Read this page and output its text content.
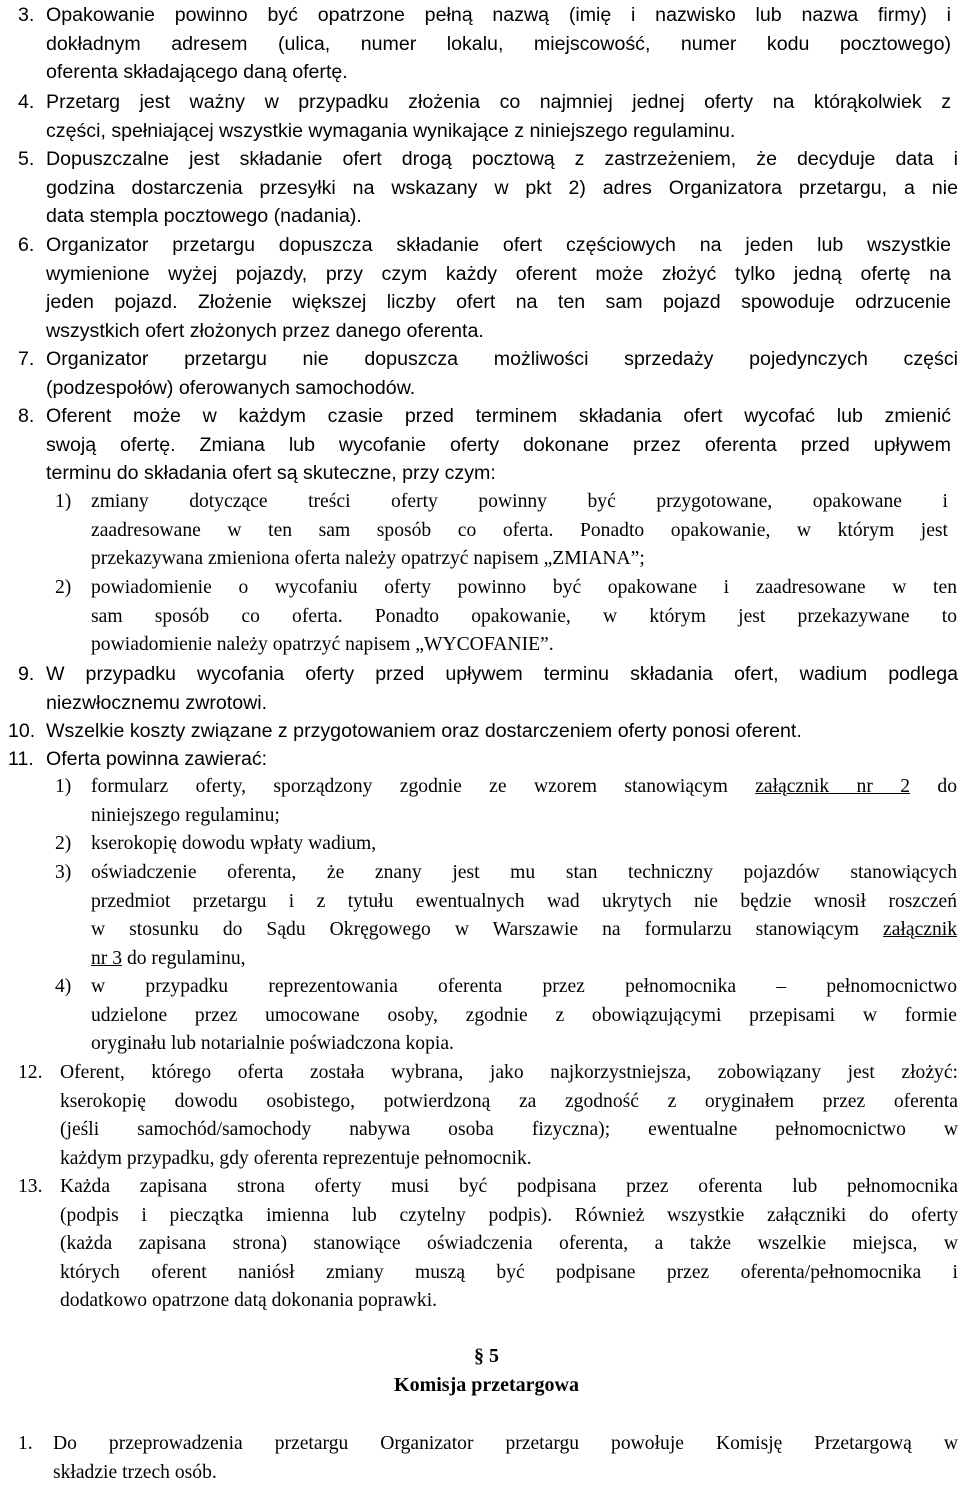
3. Opakowanie powinno być opatrzone pełną nazwą (imię i nazwisko lub nazwa firmy) i
dokładnym adresem (ulica, numer lokalu, miejscowość, numer kodu pocztowego)
oferenta składającego daną ofertę.
4. Przetarg jest ważny w przypadku złożenia co najmniej jednej oferty na którąkolwiek z
części, spełniającej wszystkie wymagania wynikające z niniejszego regulaminu.
5. Dopuszczalne jest składanie ofert drogą pocztową z zastrzeżeniem, że decyduje data i
godzina dostarczenia przesyłki na wskazany w pkt 2) adres Organizatora przetargu, a nie
data stempla pocztowego (nadania).
6. Organizator przetargu dopuszcza składanie ofert częściowych na jeden lub wszystkie
wymienione wyżej pojazdy, przy czym każdy oferent może złożyć tylko jedną ofertę na
jeden pojazd. Złożenie większej liczby ofert na ten sam pojazd spowoduje odrzucenie
wszystkich ofert złożonych przez danego oferenta.
7. Organizator przetargu nie dopuszcza możliwości sprzedaży pojedynczych części
(podzespołów) oferowanych samochodów.
8. Oferent może w każdym czasie przed terminem składania ofert wycofać lub zmienić
swoją ofertę. Zmiana lub wycofanie oferty dokonane przez oferenta przed upływem
terminu do składania ofert są skuteczne, przy czym:
1) zmiany dotyczące treści oferty powinny być przygotowane, opakowane i
zaadresowane w ten sam sposób co oferta. Ponadto opakowanie, w którym jest
przekazywana zmieniona oferta należy opatrzyć napisem „ZMIANA”;
2) powiadomienie o wycofaniu oferty powinno być opakowane i zaadresowane w ten
sam sposób co oferta. Ponadto opakowanie, w którym jest przekazywane to
powiadomienie należy opatrzyć napisem „WYCOFANIE”.
9. W przypadku wycofania oferty przed upływem terminu składania ofert, wadium podlega
niezwłocznemu zwrotowi.
10. Wszelkie koszty związane z przygotowaniem oraz dostarczeniem oferty ponosi oferent.
11. Oferta powinna zawierać:
1) formularz oferty, sporządzony zgodnie ze wzorem stanowiącym załącznik nr 2 do
niniejszego regulaminu;
2) kserokopię dowodu wpłaty wadium,
3) oświadczenie oferenta, że znany jest mu stan techniczny pojazdów stanowiących
przedmiot przetargu i z tytułu ewentualnych wad ukrytych nie będzie wnosił roszczeń
w stosunku do Sądu Okręgowego w Warszawie na formularzu stanowiącym załącznik
nr 3 do regulaminu,
4) w przypadku reprezentowania oferenta przez pełnomocnika – pełnomocnictwo
udzielone przez umocowane osoby, zgodnie z obowiązującymi przepisami w formie
oryginału lub notarialnie poświadczona kopia.
12. Oferent, którego oferta została wybrana, jako najkorzystniejsza, zobowiązany jest złożyć:
kserokopię dowodu osobistego, potwierdzoną za zgodność z oryginałem przez oferenta
(jeśli samochód/samochody nabywa osoba fizyczna); ewentualne pełnomocnictwo w
każdym przypadku, gdy oferenta reprezentuje pełnomocnik.
13. Każda zapisana strona oferty musi być podpisana przez oferenta lub pełnomocnika
(podpis i pieczątka imienna lub czytelny podpis). Również wszystkie załączniki do oferty
(każda zapisana strona) stanowiące oświadczenia oferenta, a także wszelkie miejsca, w
których oferent naniósł zmiany muszą być podpisane przez oferenta/pełnomocnika i
dodatkowo opatrzone datą dokonania poprawki.
§ 5
Komisja przetargowa
1. Do przeprowadzenia przetargu Organizator przetargu powołuje Komisję Przetargową w
składzie trzech osób.
